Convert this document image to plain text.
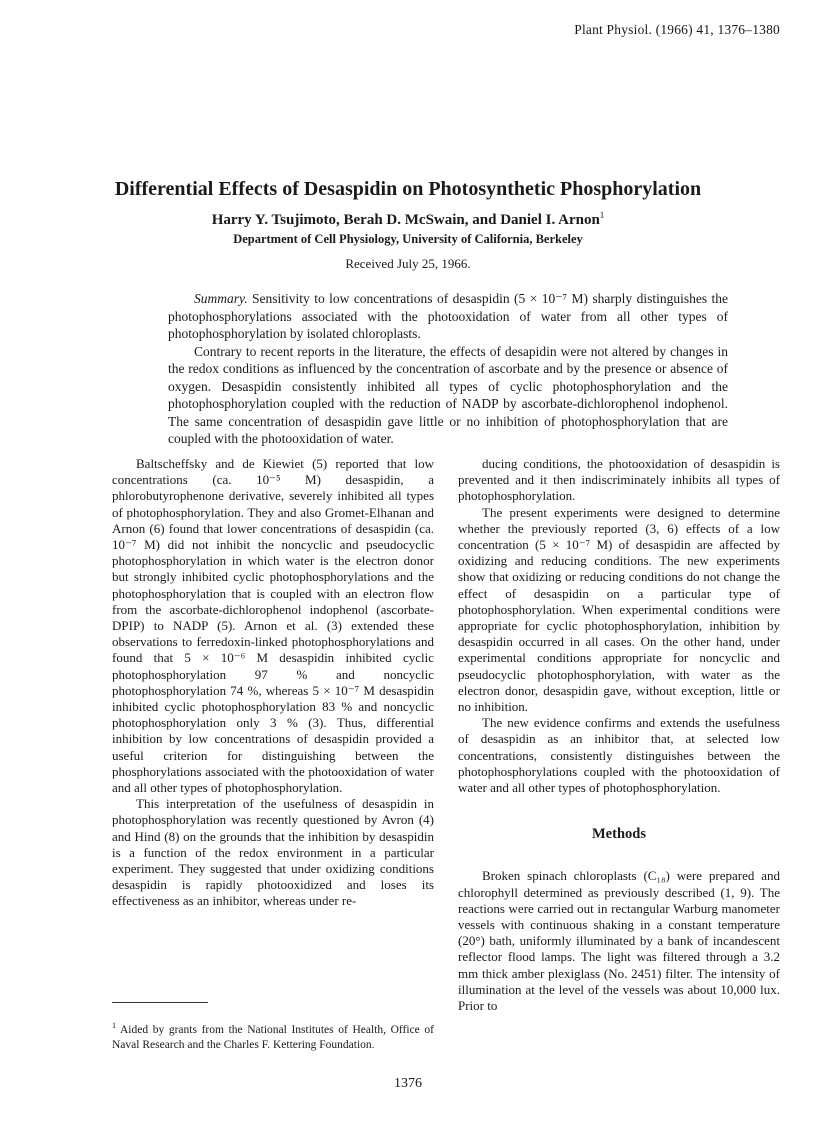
Plant Physiol. (1966) 41, 1376–1380
Differential Effects of Desaspidin on Photosynthetic Phosphorylation
Harry Y. Tsujimoto, Berah D. McSwain, and Daniel I. Arnon$^1$
Department of Cell Physiology, University of California, Berkeley
Received July 25, 1966.

Summary. Sensitivity to low concentrations of desaspidin (5 × 10⁻⁷ M) sharply distinguishes the photophosphorylations associated with the photooxidation of water from all other types of photophosphorylation by isolated chloroplasts.

Contrary to recent reports in the literature, the effects of desapidin were not altered by changes in the redox conditions as influenced by the concentration of ascorbate and by the presence or absence of oxygen. Desaspidin consistently inhibited all types of cyclic photophosphorylation and the photophosphorylation coupled with the reduction of NADP by ascorbate-dichlorophenol indophenol. The same concentration of desaspidin gave little or no inhibition of photophosphorylation that are coupled with the photooxidation of water.

Baltscheffsky and de Kiewiet (5) reported that low concentrations (ca. 10⁻⁵ M) desaspidin, a phlorobutyrophenone derivative, severely inhibited all types of photophosphorylation. They and also Gromet-Elhanan and Arnon (6) found that lower concentrations of desaspidin (ca. 10⁻⁷ M) did not inhibit the noncyclic and pseudocyclic photophosphorylation in which water is the electron donor but strongly inhibited cyclic photophosphorylations and the photophosphorylation that is coupled with an electron flow from the ascorbate-dichlorophenol indophenol (ascorbate-DPIP) to NADP (5). Arnon et al. (3) extended these observations to ferredoxin-linked photophosphorylations and found that 5 × 10⁻⁶ M desaspidin inhibited cyclic photophosphorylation 97 % and noncyclic photophosphorylation 74 %, whereas 5 × 10⁻⁷ M desaspidin inhibited cyclic photophosphorylation 83 % and noncyclic photophosphorylation only 3 % (3). Thus, differential inhibition by low concentrations of desaspidin provided a useful criterion for distinguishing between the phosphorylations associated with the photooxidation of water and all other types of photophosphorylation.

This interpretation of the usefulness of desaspidin in photophosphorylation was recently questioned by Avron (4) and Hind (8) on the grounds that the inhibition by desaspidin is a function of the redox environment in a particular experiment. They suggested that under oxidizing conditions desaspidin is rapidly photooxidized and loses its effectiveness as an inhibitor, whereas under re-

ducing conditions, the photooxidation of desaspidin is prevented and it then indiscriminately inhibits all types of photophosphorylation.

The present experiments were designed to determine whether the previously reported (3, 6) effects of a low concentration (5 × 10⁻⁷ M) of desaspidin are affected by oxidizing and reducing conditions. The new experiments show that oxidizing or reducing conditions do not change the effect of desaspidin on a particular type of photophosphorylation. When experimental conditions were appropriate for cyclic photophosphorylation, inhibition by desaspidin occurred in all cases. On the other hand, under experimental conditions appropriate for noncyclic and pseudocyclic photophosphorylation, with water as the electron donor, desaspidin gave, without exception, little or no inhibition.

The new evidence confirms and extends the usefulness of desaspidin as an inhibitor that, at selected low concentrations, consistently distinguishes between the photophosphorylations coupled with the photooxidation of water and all other types of photophosphorylation.

Methods

Broken spinach chloroplasts (C₁₈) were prepared and chlorophyll determined as previously described (1, 9). The reactions were carried out in rectangular Warburg manometer vessels with continuous shaking in a constant temperature (20°) bath, uniformly illuminated by a bank of incandescent reflector flood lamps. The light was filtered through a 3.2 mm thick amber plexiglass (No. 2451) filter. The intensity of illumination at the level of the vessels was about 10,000 lux. Prior to

$^1$ Aided by grants from the National Institutes of Health, Office of Naval Research and the Charles F. Kettering Foundation.
1376
